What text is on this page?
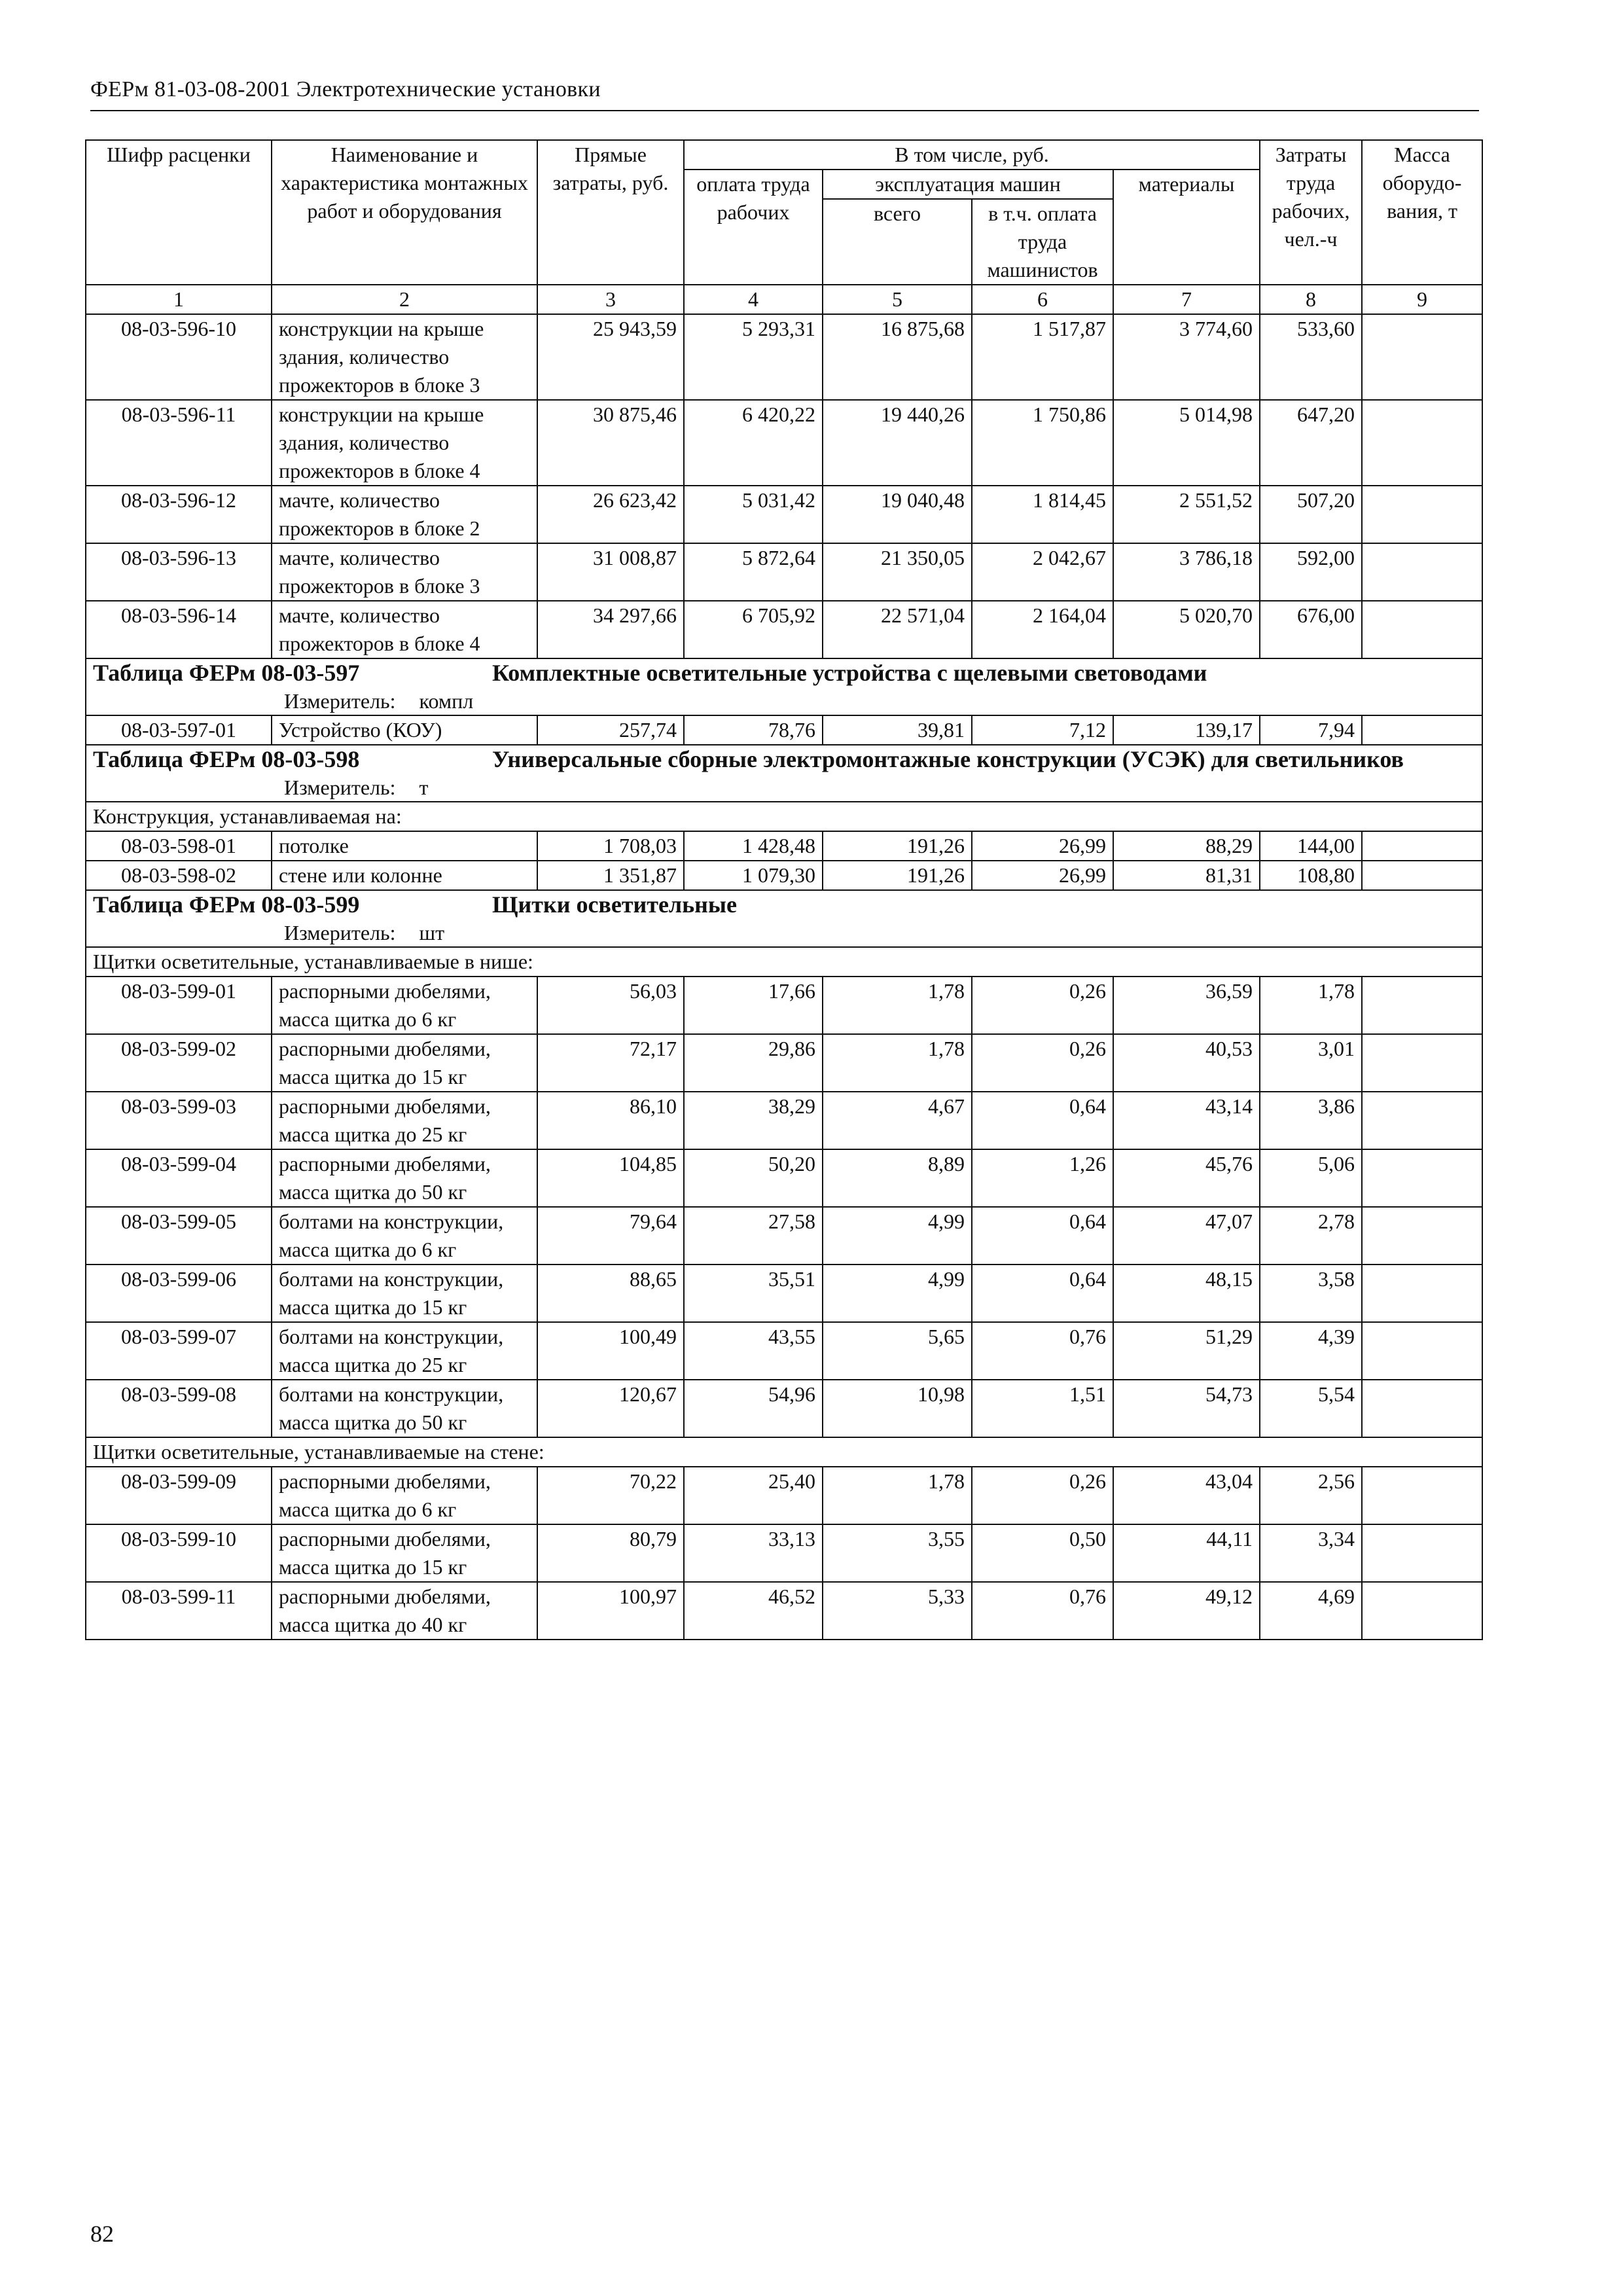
ФЕРм 81-03-08-2001 Электротехнические установки
Шифр расценки	Наименование и характеристика монтажных работ и оборудования	Прямые затраты, руб.	В том числе, руб.				Затраты труда рабочих, чел.-ч	Масса оборудо-вания, т
			оплата труда рабочих	эксплуатация машин		материалы		
				всего	в т.ч. оплата труда машинистов			
1	2	3	4	5	6	7	8	9
08-03-596-10	конструкции на крыше здания, количество прожекторов в блоке 3	25 943,59	5 293,31	16 875,68	1 517,87	3 774,60	533,60	
08-03-596-11	конструкции на крыше здания, количество прожекторов в блоке 4	30 875,46	6 420,22	19 440,26	1 750,86	5 014,98	647,20	
08-03-596-12	мачте, количество прожекторов в блоке 2	26 623,42	5 031,42	19 040,48	1 814,45	2 551,52	507,20	
08-03-596-13	мачте, количество прожекторов в блоке 3	31 008,87	5 872,64	21 350,05	2 042,67	3 786,18	592,00	
08-03-596-14	мачте, количество прожекторов в блоке 4	34 297,66	6 705,92	22 571,04	2 164,04	5 020,70	676,00	

Таблица ФЕРм 08-03-597 Комплектные осветительные устройства с щелевыми световодами
Измеритель: компл								

08-03-597-01	Устройство (КОУ)	257,74	78,76	39,81	7,12	139,17	7,94	

Таблица ФЕРм 08-03-598 Универсальные сборные электромонтажные конструкции (УСЭК) для светильников
Измеритель: т								

Конструкция, устанавливаемая на:								
08-03-598-01	потолке	1 708,03	1 428,48	191,26	26,99	88,29	144,00	
08-03-598-02	стене или колонне	1 351,87	1 079,30	191,26	26,99	81,31	108,80	

Таблица ФЕРм 08-03-599 Щитки осветительные
Измеритель: шт								

Щитки осветительные, устанавливаемые в нише:								
08-03-599-01	распорными дюбелями, масса щитка до 6 кг	56,03	17,66	1,78	0,26	36,59	1,78	
08-03-599-02	распорными дюбелями, масса щитка до 15 кг	72,17	29,86	1,78	0,26	40,53	3,01	
08-03-599-03	распорными дюбелями, масса щитка до 25 кг	86,10	38,29	4,67	0,64	43,14	3,86	
08-03-599-04	распорными дюбелями, масса щитка до 50 кг	104,85	50,20	8,89	1,26	45,76	5,06	
08-03-599-05	болтами на конструкции, масса щитка до 6 кг	79,64	27,58	4,99	0,64	47,07	2,78	
08-03-599-06	болтами на конструкции, масса щитка до 15 кг	88,65	35,51	4,99	0,64	48,15	3,58	
08-03-599-07	болтами на конструкции, масса щитка до 25 кг	100,49	43,55	5,65	0,76	51,29	4,39	
08-03-599-08	болтами на конструкции, масса щитка до 50 кг	120,67	54,96	10,98	1,51	54,73	5,54	
Щитки осветительные, устанавливаемые на стене:								
08-03-599-09	распорными дюбелями, масса щитка до 6 кг	70,22	25,40	1,78	0,26	43,04	2,56	
08-03-599-10	распорными дюбелями, масса щитка до 15 кг	80,79	33,13	3,55	0,50	44,11	3,34	
08-03-599-11	распорными дюбелями, масса щитка до 40 кг	100,97	46,52	5,33	0,76	49,12	4,69	
82
